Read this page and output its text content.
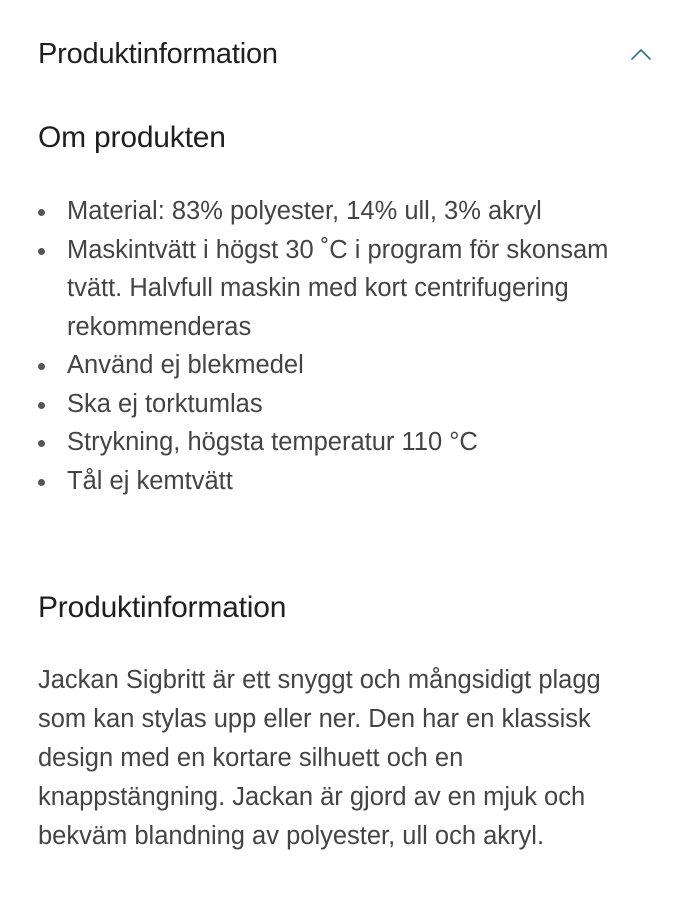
Produktinformation
Om produkten
Material: 83% polyester, 14% ull, 3% akryl
Maskintvätt i högst 30 ˚C i program för skonsam tvätt. Halvfull maskin med kort centrifugering rekommenderas
Använd ej blekmedel
Ska ej torktumlas
Strykning, högsta temperatur 110 °C
Tål ej kemtvätt
Produktinformation

Jackan Sigbritt är ett snyggt och mångsidigt plagg som kan stylas upp eller ner. Den har en klassisk design med en kortare silhuett och en knappstängning. Jackan är gjord av en mjuk och bekväm blandning av polyester, ull och akryl.
